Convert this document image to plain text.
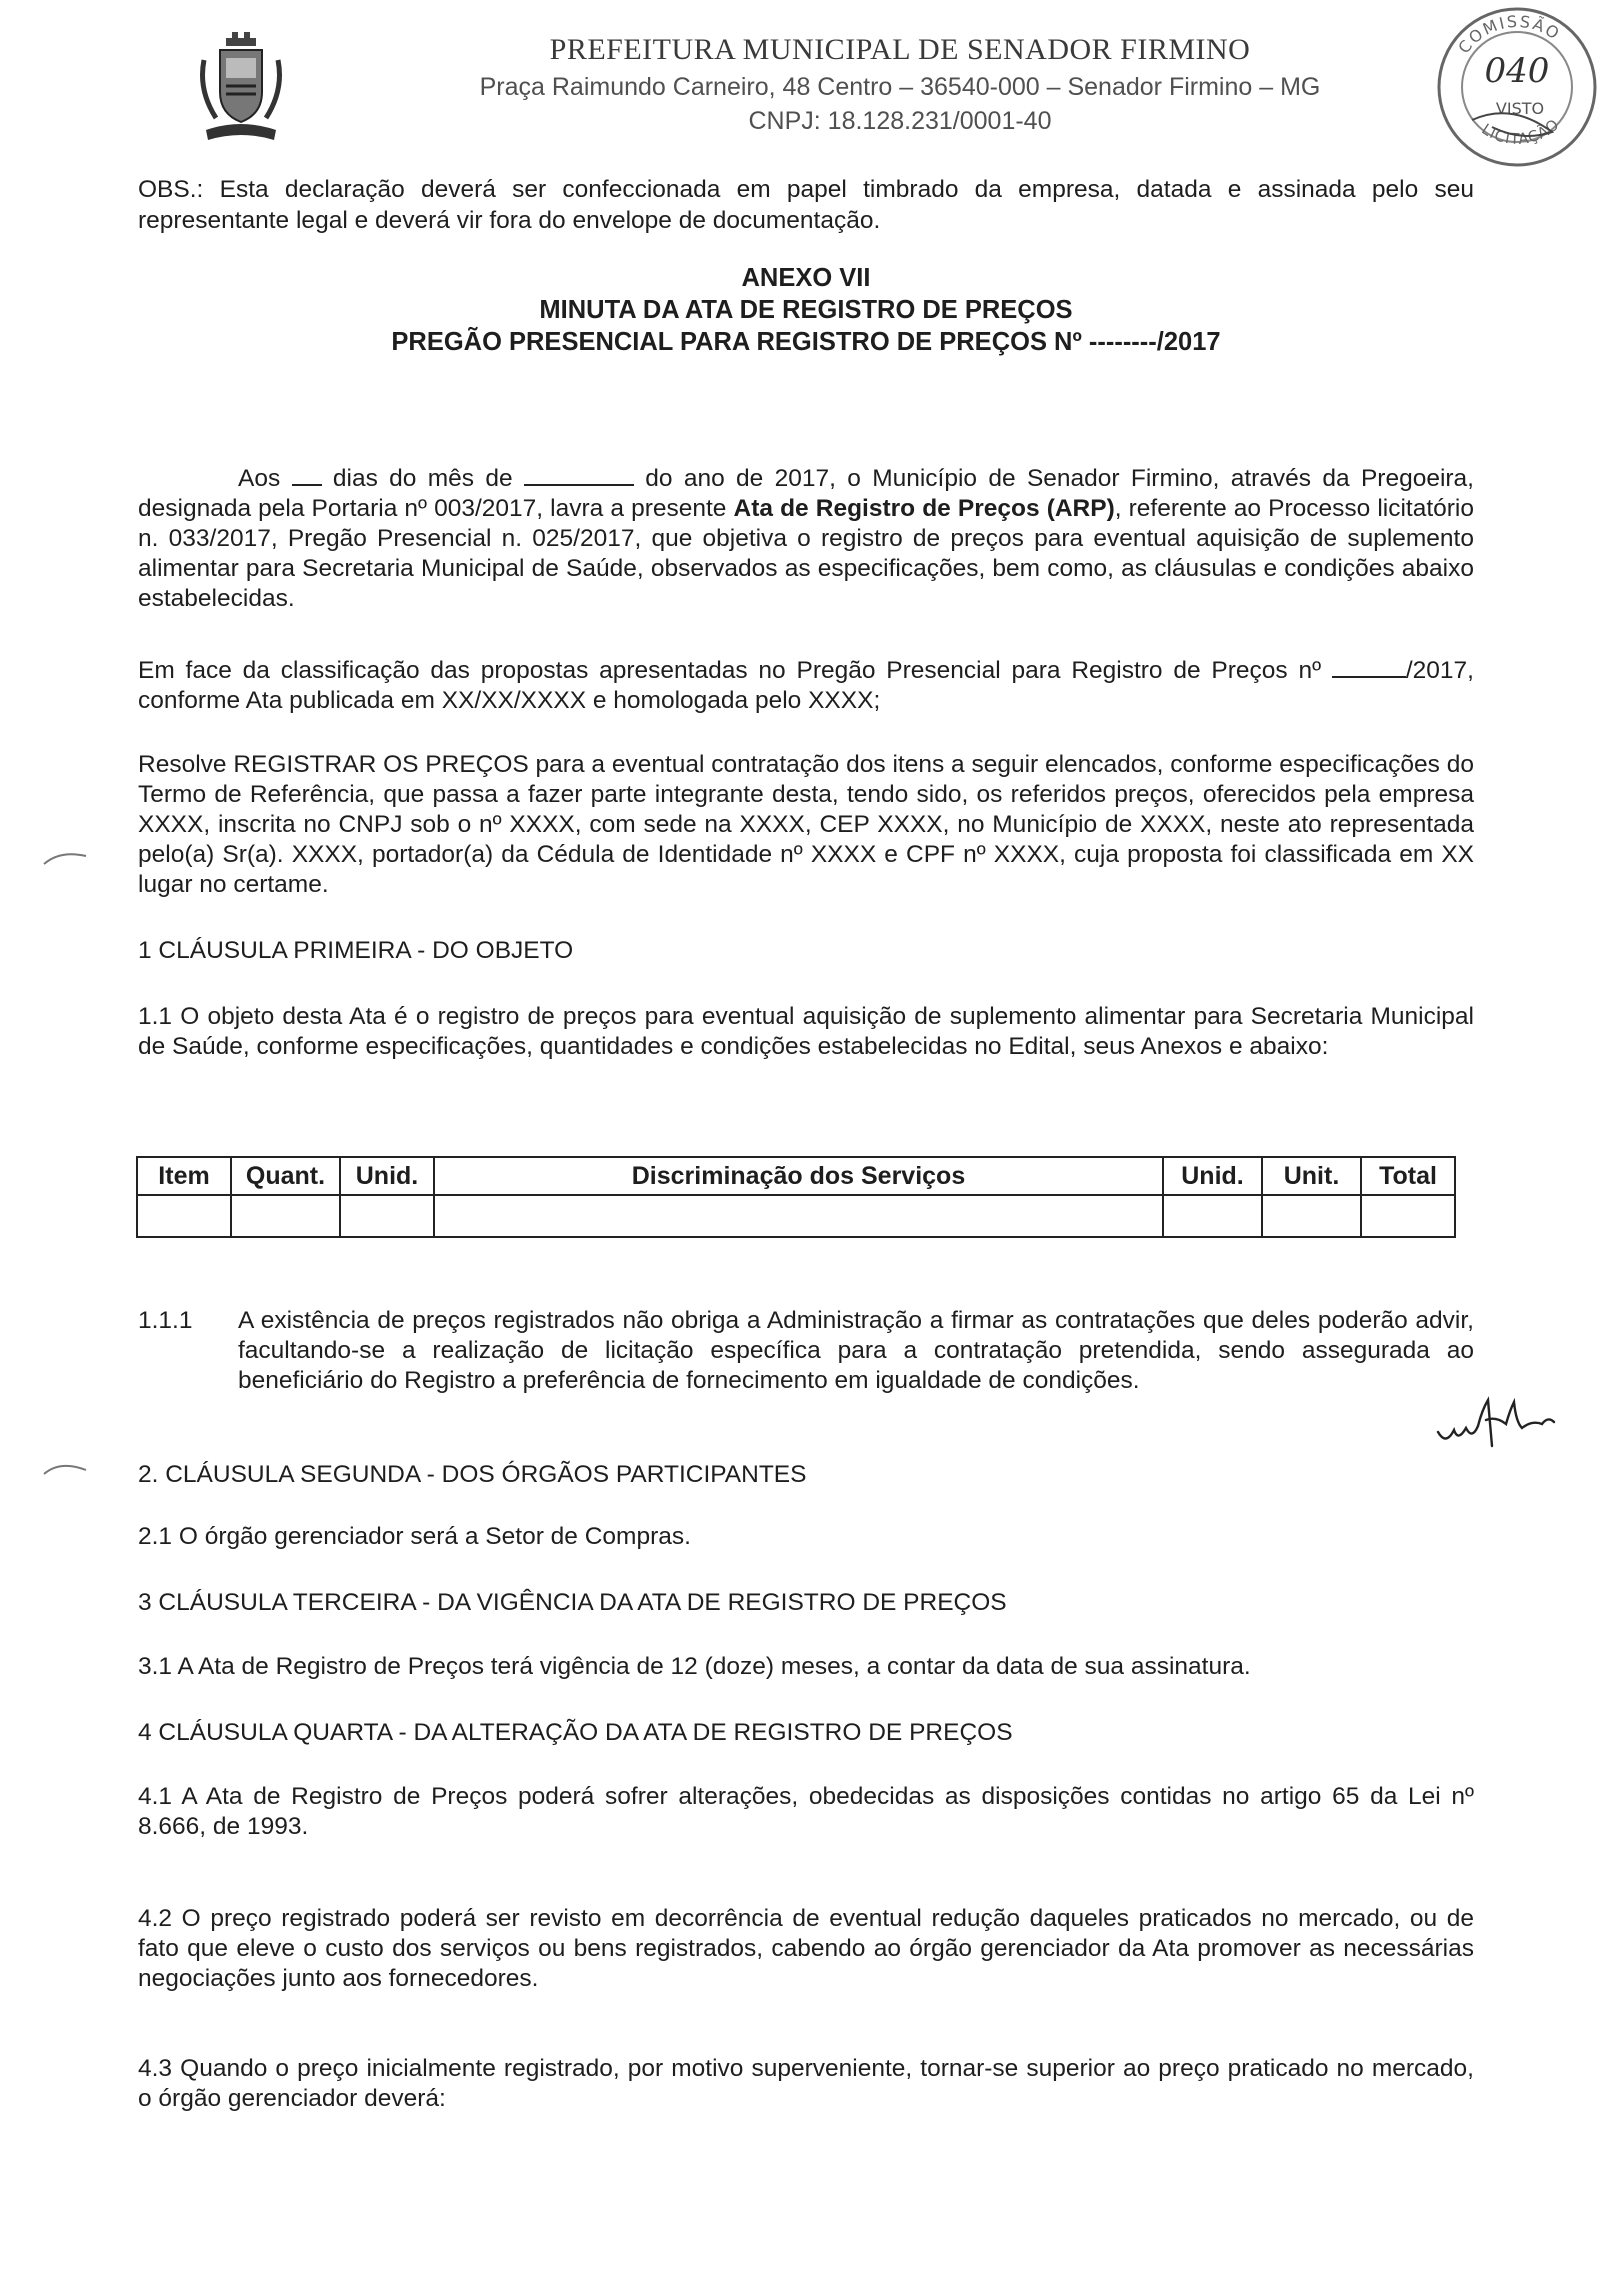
PREFEITURA MUNICIPAL DE SENADOR FIRMINO
Praça Raimundo Carneiro, 48 Centro – 36540-000 – Senador Firmino – MG
CNPJ: 18.128.231/0001-40
COMISSÃO
040
VISTO
LICITAÇÃO
OBS.: Esta declaração deverá ser confeccionada em papel timbrado da empresa, datada e assinada pelo seu representante legal e deverá vir fora do envelope de documentação.
ANEXO VII
MINUTA DA ATA DE REGISTRO DE PREÇOS
PREGÃO PRESENCIAL PARA REGISTRO DE PREÇOS Nº --------/2017
Aos dias do mês de	do ano de 2017, o Município de Senador Firmino, através da Pregoeira, designada pela Portaria nº 003/2017, lavra a presente Ata de Registro de Preços (ARP), referente ao Processo licitatório n. 033/2017, Pregão Presencial n. 025/2017, que objetiva o registro de preços para eventual aquisição de suplemento alimentar para Secretaria Municipal de Saúde, observados as especificações, bem como, as cláusulas e condições abaixo estabelecidas.
Em face da classificação das propostas apresentadas no Pregão Presencial para Registro de Preços nº	/2017, conforme Ata publicada em XX/XX/XXXX e homologada pelo XXXX;
Resolve REGISTRAR OS PREÇOS para a eventual contratação dos itens a seguir elencados, conforme especificações do Termo de Referência, que passa a fazer parte integrante desta, tendo sido, os referidos preços, oferecidos pela empresa XXXX, inscrita no CNPJ sob o nº XXXX, com sede na XXXX, CEP XXXX, no Município de XXXX, neste ato representada pelo(a) Sr(a). XXXX, portador(a) da Cédula de Identidade nº XXXX e CPF nº XXXX, cuja proposta foi classificada em XX lugar no certame.
1 CLÁUSULA PRIMEIRA - DO OBJETO
1.1 O objeto desta Ata é o registro de preços para eventual aquisição de suplemento alimentar para Secretaria Municipal de Saúde, conforme especificações, quantidades e condições estabelecidas no Edital, seus Anexos e abaixo:
Item	Quant.	Unid.	Discriminação dos Serviços	Unid.	Unit.	Total

1.1.1 A existência de preços registrados não obriga a Administração a firmar as contratações que deles poderão advir, facultando-se a realização de licitação específica para a contratação pretendida, sendo assegurada ao beneficiário do Registro a preferência de fornecimento em igualdade de condições.
2. CLÁUSULA SEGUNDA - DOS ÓRGÃOS PARTICIPANTES
2.1 O órgão gerenciador será a Setor de Compras.
3 CLÁUSULA TERCEIRA - DA VIGÊNCIA DA ATA DE REGISTRO DE PREÇOS
3.1 A Ata de Registro de Preços terá vigência de 12 (doze) meses, a contar da data de sua assinatura.
4 CLÁUSULA QUARTA - DA ALTERAÇÃO DA ATA DE REGISTRO DE PREÇOS
4.1 A Ata de Registro de Preços poderá sofrer alterações, obedecidas as disposições contidas no artigo 65 da Lei nº 8.666, de 1993.
4.2 O preço registrado poderá ser revisto em decorrência de eventual redução daqueles praticados no mercado, ou de fato que eleve o custo dos serviços ou bens registrados, cabendo ao órgão gerenciador da Ata promover as necessárias negociações junto aos fornecedores.
4.3 Quando o preço inicialmente registrado, por motivo superveniente, tornar-se superior ao preço praticado no mercado, o órgão gerenciador deverá:
